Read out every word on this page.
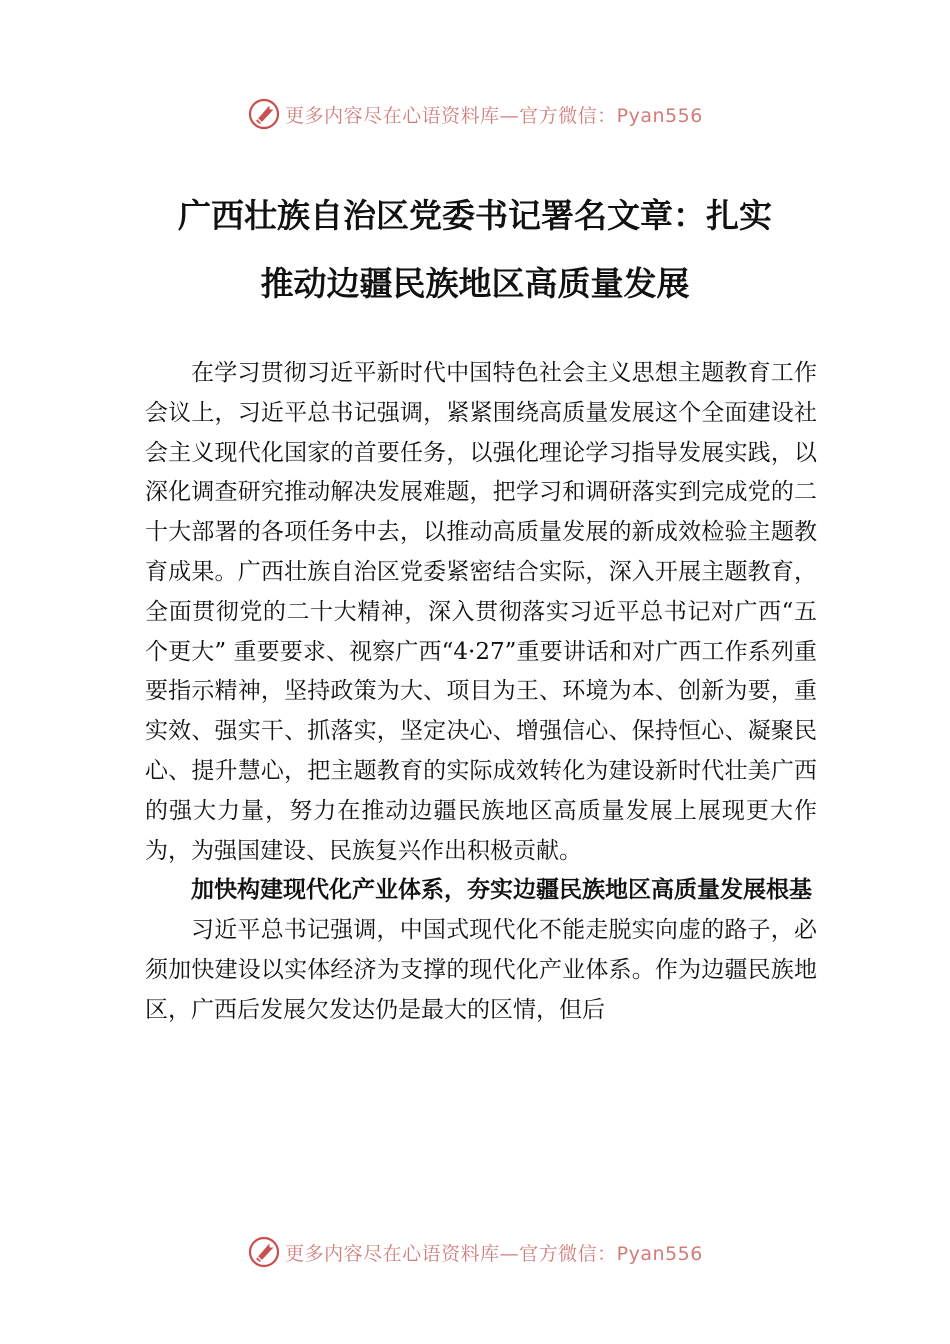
更多内容尽在心语资料库—官方微信：Pyan556
广西壮族自治区党委书记署名文章：扎实
推动边疆民族地区高质量发展

在学习贯彻习近平新时代中国特色社会主义思想主题教育工作会议上，习近平总书记强调，紧紧围绕高质量发展这个全面建设社会主义现代化国家的首要任务，以强化理论学习指导发展实践，以深化调查研究推动解决发展难题，把学习和调研落实到完成党的二十大部署的各项任务中去，以推动高质量发展的新成效检验主题教育成果。广西壮族自治区党委紧密结合实际，深入开展主题教育，全面贯彻党的二十大精神，深入贯彻落实习近平总书记对广西“五个更大” 重要要求、视察广西“4·27”重要讲话和对广西工作系列重要指示精神，坚持政策为大、项目为王、环境为本、创新为要，重实效、强实干、抓落实，坚定决心、增强信心、保持恒心、凝聚民心、提升慧心，把主题教育的实际成效转化为建设新时代壮美广西的强大力量，努力在推动边疆民族地区高质量发展上展现更大作为，为强国建设、民族复兴作出积极贡献。

加快构建现代化产业体系，夯实边疆民族地区高质量发展根基

习近平总书记强调，中国式现代化不能走脱实向虚的路子，必须加快建设以实体经济为支撑的现代化产业体系。作为边疆民族地区，广西后发展欠发达仍是最大的区情，但后

更多内容尽在心语资料库—官方微信：Pyan556
